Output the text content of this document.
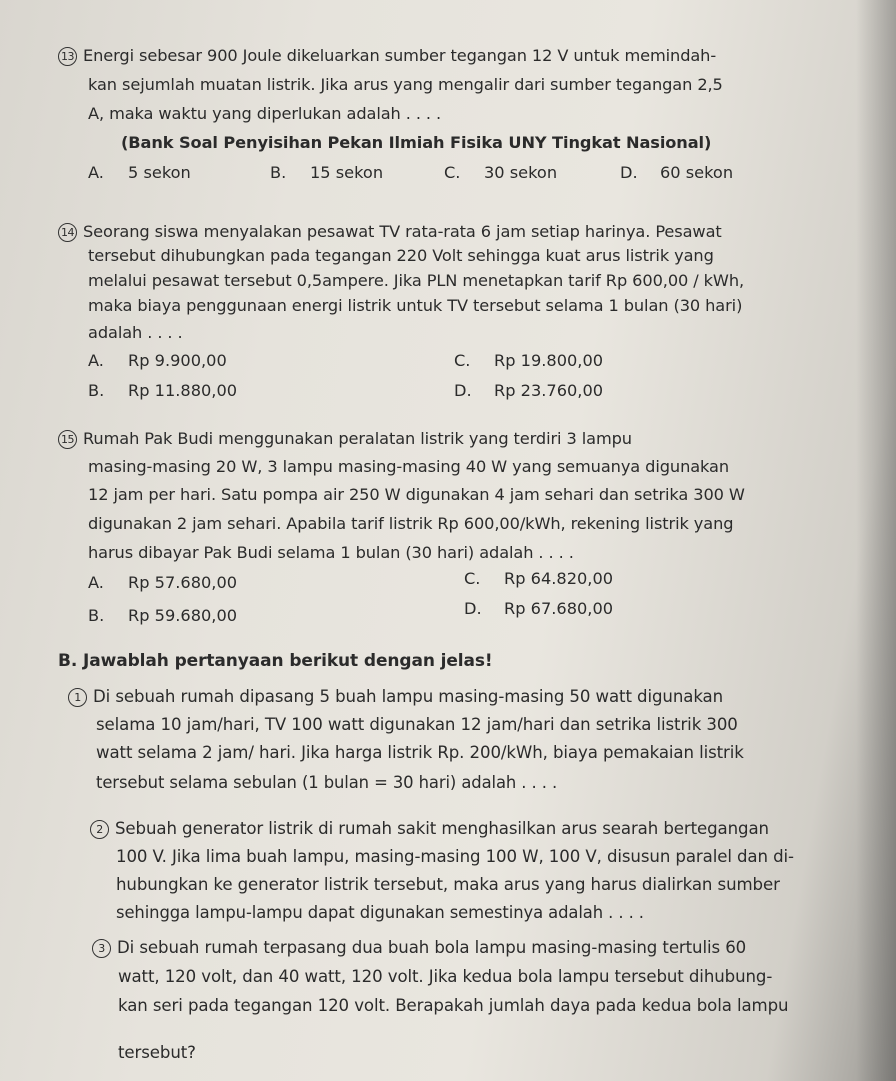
13 Energi sebesar 900 Joule dikeluarkan sumber tegangan 12 V untuk memindah-
kan sejumlah muatan listrik. Jika arus yang mengalir dari sumber tegangan 2,5
A, maka waktu yang diperlukan adalah . . . .
(Bank Soal Penyisihan Pekan Ilmiah Fisika UNY Tingkat Nasional)
A. 5 sekon	B. 15 sekon	C. 30 sekon	D. 60 sekon
14 Seorang siswa menyalakan pesawat TV rata-rata 6 jam setiap harinya. Pesawat
tersebut dihubungkan pada tegangan 220 Volt sehingga kuat arus listrik yang
melalui pesawat tersebut 0,5ampere. Jika PLN menetapkan tarif Rp 600,00 / kWh,
maka biaya penggunaan energi listrik untuk TV tersebut selama 1 bulan (30 hari)
adalah . . . .
A. Rp 9.900,00	C. Rp 19.800,00
B. Rp 11.880,00	D. Rp 23.760,00
15 Rumah Pak Budi menggunakan peralatan listrik yang terdiri 3 lampu
masing-masing 20 W, 3 lampu masing-masing 40 W yang semuanya digunakan
12 jam per hari. Satu pompa air 250 W digunakan 4 jam sehari dan setrika 300 W
digunakan 2 jam sehari. Apabila tarif listrik Rp 600,00/kWh, rekening listrik yang
harus dibayar Pak Budi selama 1 bulan (30 hari) adalah . . . .
A. Rp 57.680,00	C. Rp 64.820,00
B. Rp 59.680,00	D. Rp 67.680,00
B. Jawablah pertanyaan berikut dengan jelas!
1 Di sebuah rumah dipasang 5 buah lampu masing-masing 50 watt digunakan
selama 10 jam/hari, TV 100 watt digunakan 12 jam/hari dan setrika listrik 300
watt selama 2 jam/ hari. Jika harga listrik Rp. 200/kWh, biaya pemakaian listrik
tersebut selama sebulan (1 bulan = 30 hari) adalah . . . .
2 Sebuah generator listrik di rumah sakit menghasilkan arus searah bertegangan
100 V. Jika lima buah lampu, masing-masing 100 W, 100 V, disusun paralel dan di-
hubungkan ke generator listrik tersebut, maka arus yang harus dialirkan sumber
sehingga lampu-lampu dapat digunakan semestinya adalah . . . .
3 Di sebuah rumah terpasang dua buah bola lampu masing-masing tertulis 60
watt, 120 volt, dan 40 watt, 120 volt. Jika kedua bola lampu tersebut dihubung-
kan seri pada tegangan 120 volt. Berapakah jumlah daya pada kedua bola lampu
tersebut?
